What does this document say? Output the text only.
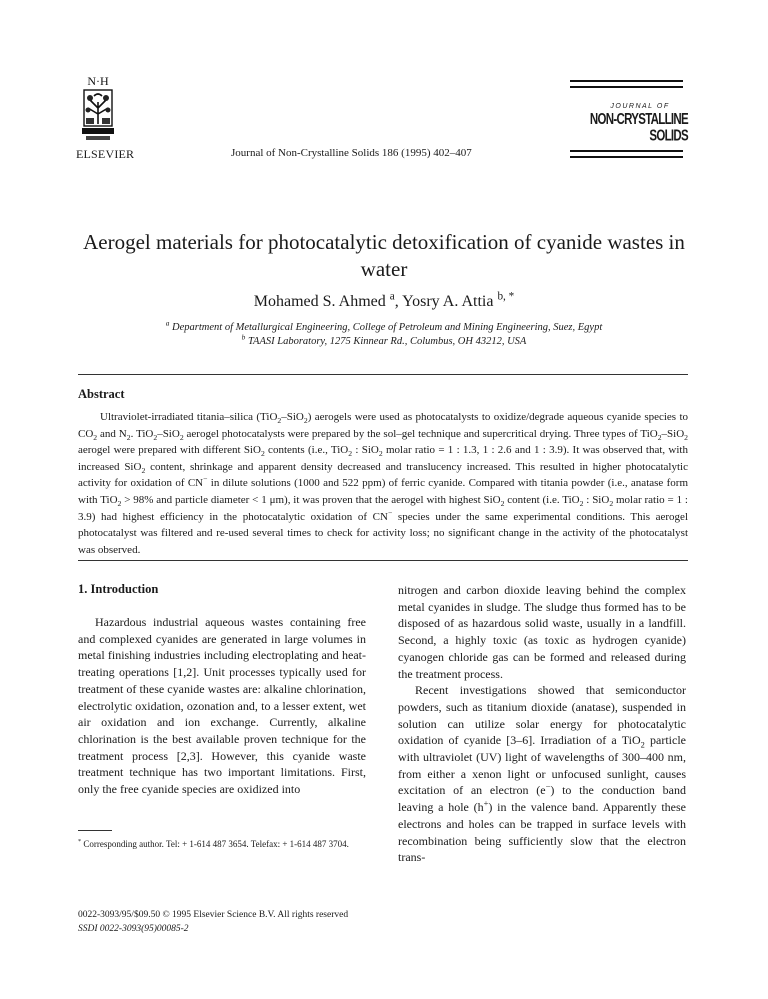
N·H
ELSEVIER	Journal of Non-Crystalline Solids 186 (1995) 402–407
JOURNAL OF
NON-CRYSTALLINE SOLIDS
Aerogel materials for photocatalytic detoxification of cyanide wastes in water
Mohamed S. Ahmed $^a$, Yosry A. Attia $^{b, *}$
$^a$ Department of Metallurgical Engineering, College of Petroleum and Mining Engineering, Suez, Egypt
$^b$ TAASI Laboratory, 1275 Kinnear Rd., Columbus, OH 43212, USA
Abstract
Ultraviolet-irradiated titania–silica (TiO$_2$–SiO$_2$) aerogels were used as photocatalysts to oxidize/degrade aqueous cyanide species to $CO_2$ and $N_2$. TiO$_2$–SiO$_2$ aerogel photocatalysts were prepared by the sol–gel technique and supercritical drying. Three types of TiO$_2$–SiO$_2$ aerogel were prepared with different SiO$_2$ contents (i.e., TiO$_2$ : SiO$_2$ molar ratio = 1 : 1.3, 1 : 2.6 and 1 : 3.9). It was observed that, with increased SiO$_2$ content, shrinkage and apparent density decreased and translucency increased. This resulted in higher photocatalytic activity for oxidation of CN− in dilute solutions (1000 and 522 ppm) of ferric cyanide. Compared with titania powder (i.e., anatase form with TiO$_2$ > 98% and particle diameter < 1 μm), it was proven that the aerogel with highest SiO$_2$ content (i.e. TiO$_2$ : SiO$_2$ molar ratio = 1 : 3.9) had highest efficiency in the photocatalytic oxidation of CN− species under the same experimental conditions. This aerogel photocatalyst was filtered and re-used several times to check for activity loss; no significant change in the activity of the photocatalyst was observed.
1. Introduction

Hazardous industrial aqueous wastes containing free and complexed cyanides are generated in large volumes in metal finishing industries including electroplating and heat-treating operations [1,2]. Unit processes typically used for treatment of these cyanide wastes are: alkaline chlorination, electrolytic oxidation, ozonation and, to a lesser extent, wet air oxidation and ion exchange. Currently, alkaline chlorination is the best available proven technique for the treatment process [2,3]. However, this cyanide waste treatment technique has two important limitations. First, only the free cyanide species are oxidized into

nitrogen and carbon dioxide leaving behind the complex metal cyanides in sludge. The sludge thus formed has to be disposed of as hazardous solid waste, usually in a landfill. Second, a highly toxic (as toxic as hydrogen cyanide) cyanogen chloride gas can be formed and released during the treatment process.

Recent investigations showed that semiconductor powders, such as titanium dioxide (anatase), suspended in solution can utilize solar energy for photocatalytic oxidation of cyanide [3–6]. Irradiation of a TiO$_2$ particle with ultraviolet (UV) light of wavelengths of 300–400 nm, from either a xenon light or unfocused sunlight, causes excitation of an electron (e−) to the conduction band leaving a hole (h+) in the valence band. Apparently these electrons and holes can be trapped in surface levels with recombination being sufficiently slow that the electron trans-

* Corresponding author. Tel: + 1-614 487 3654. Telefax: + 1-614 487 3704.
0022-3093/95/$09.50 © 1995 Elsevier Science B.V. All rights reserved
SSDI 0022-3093(95)00085-2
